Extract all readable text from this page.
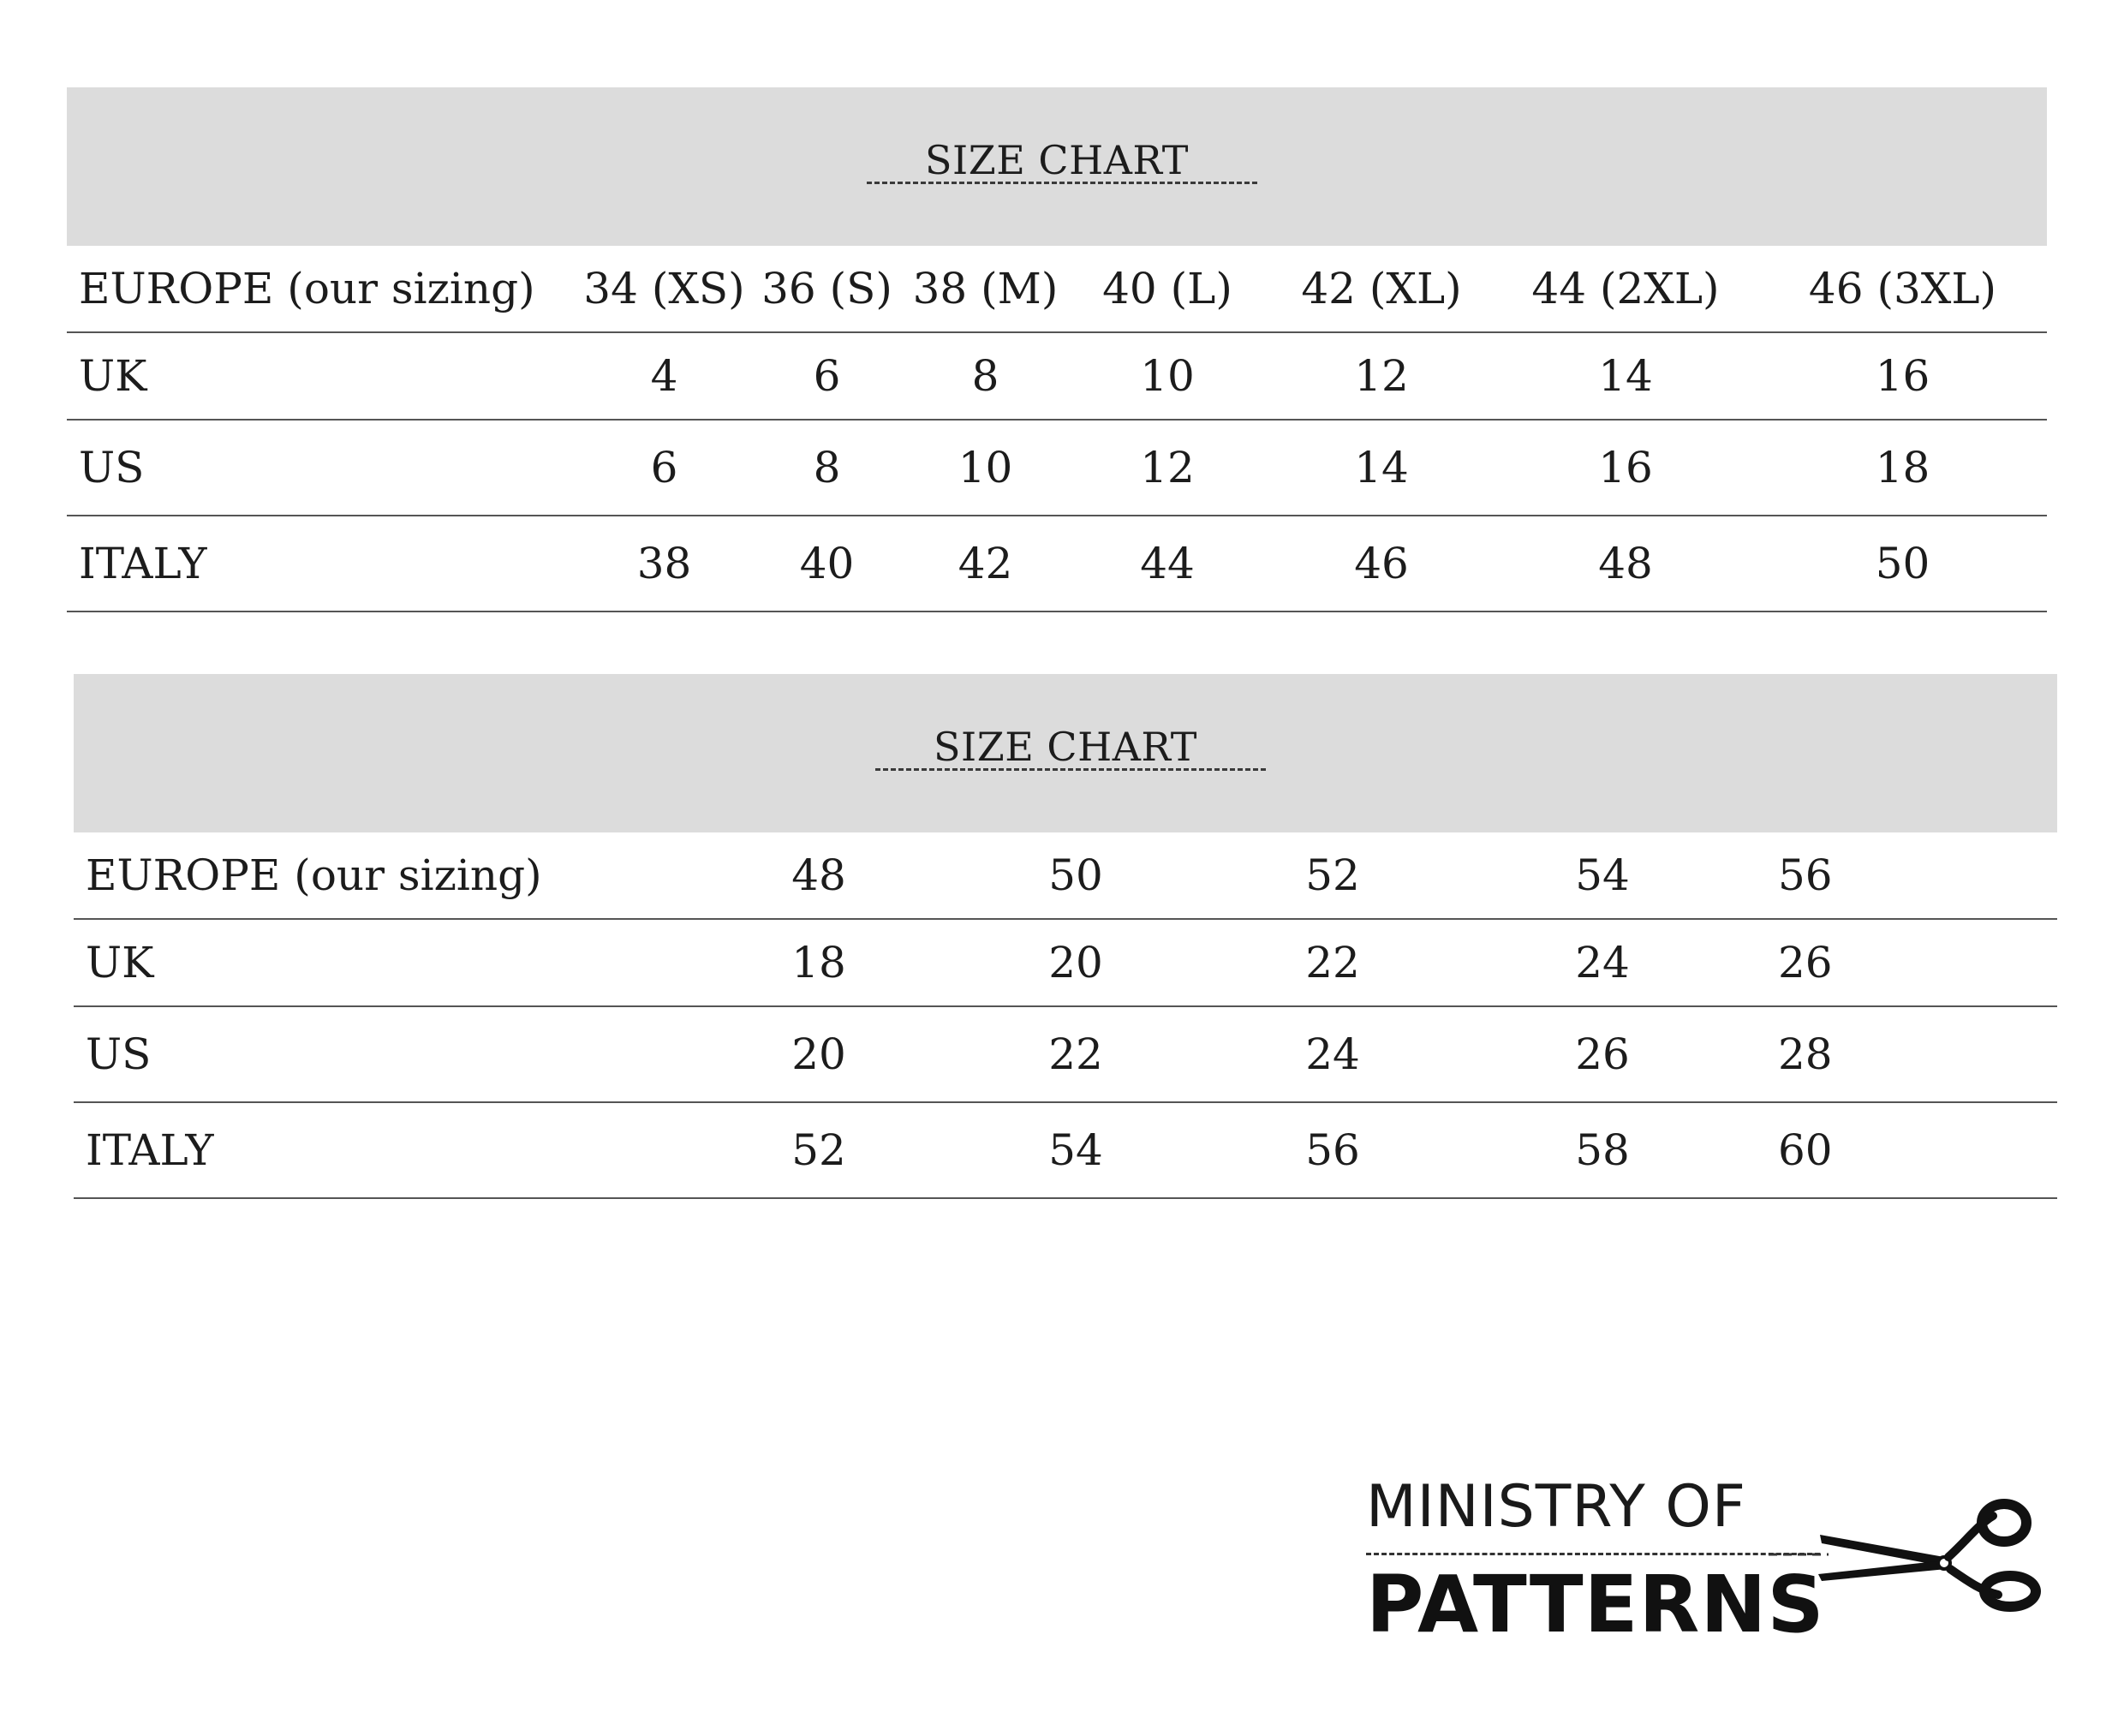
SIZE CHART
EUROPE (our sizing)	34 (XS)	36 (S)	38 (M)	40 (L)	42 (XL)	44 (2XL)	46 (3XL)
UK	4	6	8	10	12	14	16
US	6	8	10	12	14	16	18
ITALY	38	40	42	44	46	48	50
SIZE CHART
EUROPE (our sizing)	48	50	52	54	56
UK	18	20	22	24	26
US	20	22	24	26	28
ITALY	52	54	56	58	60
MINISTRY OF
PATTERNS
